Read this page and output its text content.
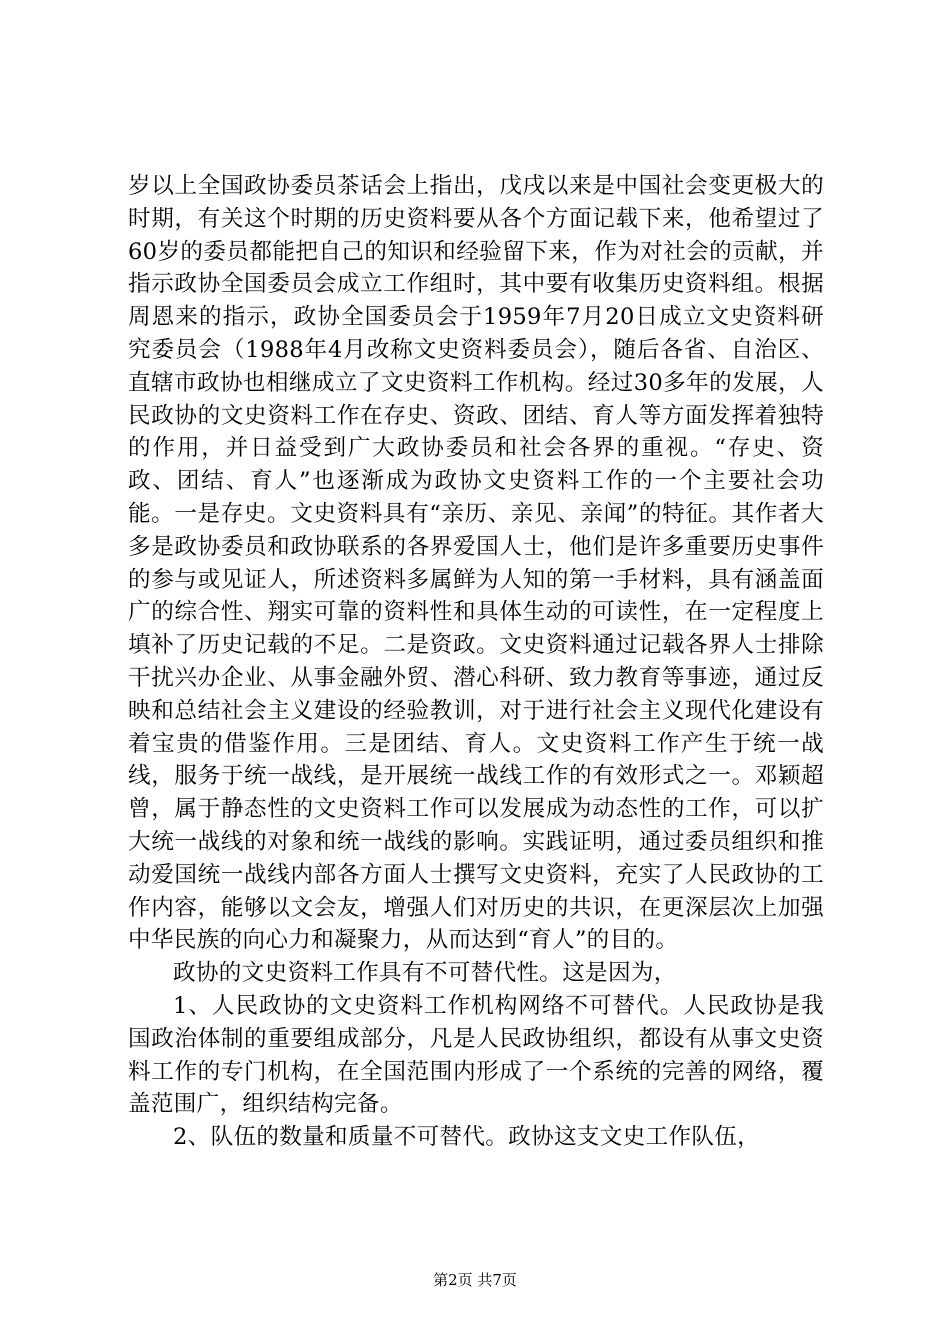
岁以上全国政协委员茶话会上指出，戊戌以来是中国社会变更极大的时期，有关这个时期的历史资料要从各个方面记载下来，他希望过了60岁的委员都能把自己的知识和经验留下来，作为对社会的贡献，并指示政协全国委员会成立工作组时，其中要有收集历史资料组。根据周恩来的指示，政协全国委员会于1959年7月20日成立文史资料研究委员会（1988年4月改称文史资料委员会），随后各省、自治区、直辖市政协也相继成立了文史资料工作机构。经过30多年的发展，人民政协的文史资料工作在存史、资政、团结、育人等方面发挥着独特的作用，并日益受到广大政协委员和社会各界的重视。“存史、资政、团结、育人”也逐渐成为政协文史资料工作的一个主要社会功能。一是存史。文史资料具有“亲历、亲见、亲闻”的特征。其作者大多是政协委员和政协联系的各界爱国人士，他们是许多重要历史事件的参与或见证人，所述资料多属鲜为人知的第一手材料，具有涵盖面广的综合性、翔实可靠的资料性和具体生动的可读性，在一定程度上填补了历史记载的不足。二是资政。文史资料通过记载各界人士排除干扰兴办企业、从事金融外贸、潜心科研、致力教育等事迹，通过反映和总结社会主义建设的经验教训，对于进行社会主义现代化建设有着宝贵的借鉴作用。三是团结、育人。文史资料工作产生于统一战线，服务于统一战线，是开展统一战线工作的有效形式之一。邓颖超曾，属于静态性的文史资料工作可以发展成为动态性的工作，可以扩大统一战线的对象和统一战线的影响。实践证明，通过委员组织和推动爱国统一战线内部各方面人士撰写文史资料，充实了人民政协的工作内容，能够以文会友，增强人们对历史的共识，在更深层次上加强中华民族的向心力和凝聚力，从而达到“育人”的目的。

政协的文史资料工作具有不可替代性。这是因为，

1、人民政协的文史资料工作机构网络不可替代。人民政协是我国政治体制的重要组成部分，凡是人民政协组织，都设有从事文史资料工作的专门机构，在全国范围内形成了一个系统的完善的网络，覆盖范围广，组织结构完备。

2、队伍的数量和质量不可替代。政协这支文史工作队伍，

第2页 共7页
